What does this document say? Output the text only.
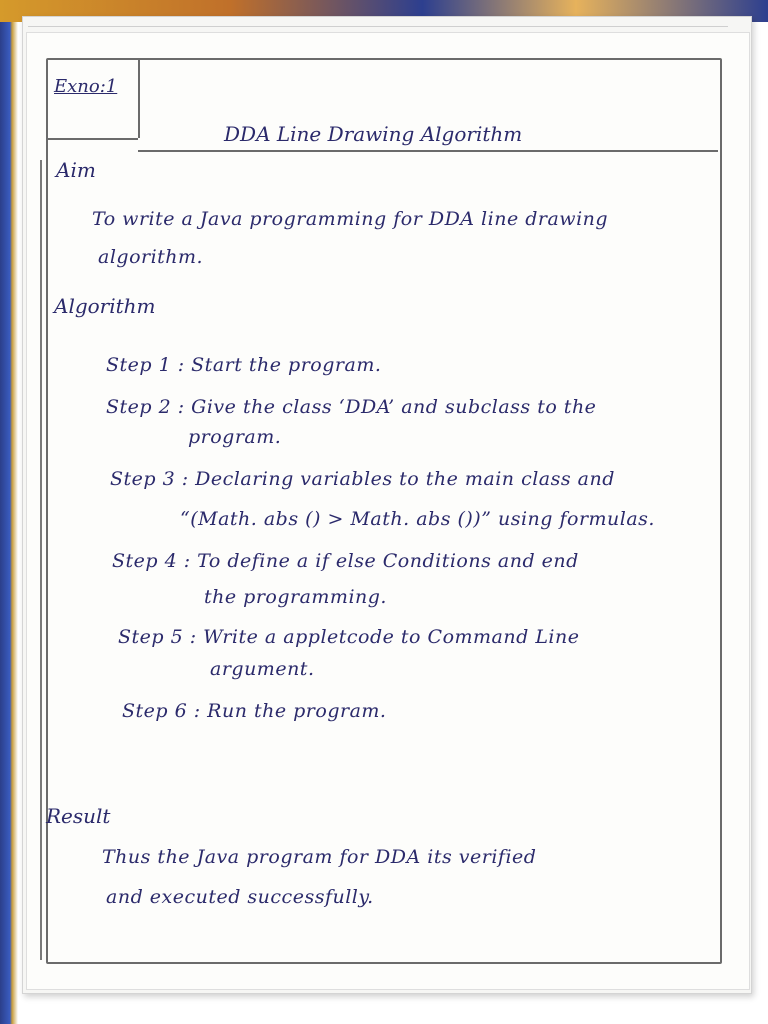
Exno:1
DDA Line Drawing Algorithm
Aim
To write a Java programming for DDA line drawing
algorithm.
Algorithm
Step 1 : Start the program.
Step 2 : Give the class ‘DDA’ and subclass to the
program.
Step 3 : Declaring variables to the main class and
“(Math. abs () > Math. abs ())” using formulas.
Step 4 : To define a if else Conditions and end
the programming.
Step 5 : Write a appletcode to Command Line
argument.
Step 6 : Run the program.
Result
Thus the Java program for DDA its verified
and executed successfully.
